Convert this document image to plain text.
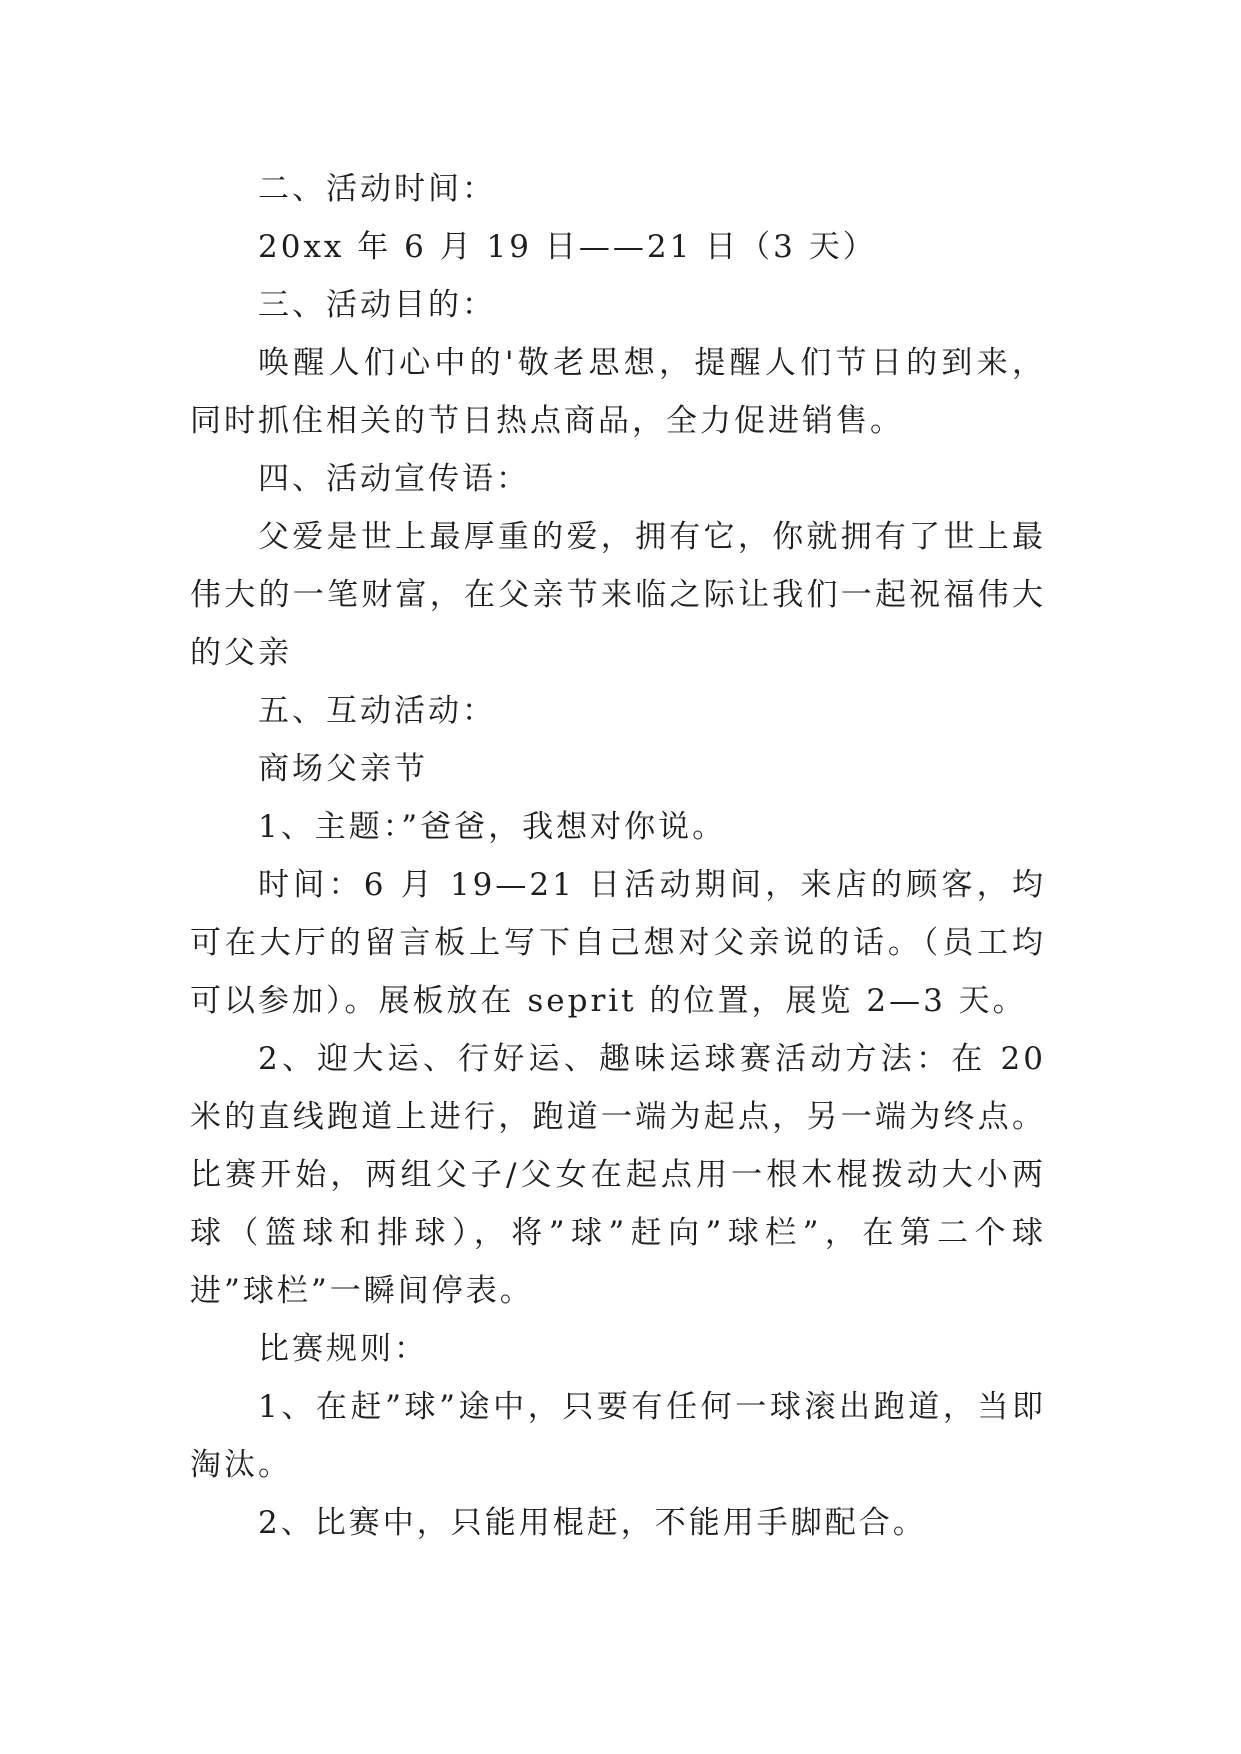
二、活动时间：

20xx 年 6 月 19 日——21 日（3 天）

三、活动目的：

唤醒人们心中的'敬老思想，提醒人们节日的到来，同时抓住相关的节日热点商品，全力促进销售。

四、活动宣传语：

父爱是世上最厚重的爱，拥有它，你就拥有了世上最伟大的一笔财富，在父亲节来临之际让我们一起祝福伟大的父亲

五、互动活动：

商场父亲节

1、主题：”爸爸，我想对你说。

时间：6 月 19—21 日活动期间，来店的顾客，均可在大厅的留言板上写下自己想对父亲说的话。（员工均可以参加）。展板放在 seprit 的位置，展览 2—3 天。

2、迎大运、行好运、趣味运球赛活动方法：在 20 米的直线跑道上进行，跑道一端为起点，另一端为终点。比赛开始，两组父子/父女在起点用一根木棍拨动大小两球（篮球和排球），将”球”赶向”球栏”，在第二个球进”球栏”一瞬间停表。

比赛规则：

1、在赶”球”途中，只要有任何一球滚出跑道，当即淘汰。

2、比赛中，只能用棍赶，不能用手脚配合。
